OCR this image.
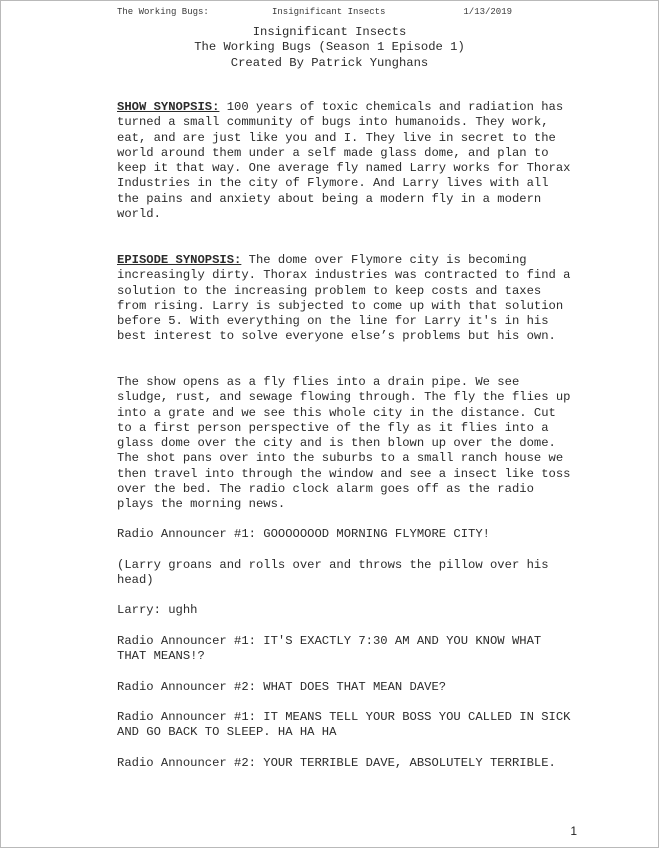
The Working Bugs:	Insignificant Insects	1/13/2019
Insignificant Insects
The Working Bugs (Season 1 Episode 1)
Created By Patrick Yunghans

SHOW SYNOPSIS: 100 years of toxic chemicals and radiation has turned a small community of bugs into humanoids. They work, eat, and are just like you and I. They live in secret to the world around them under a self made glass dome, and plan to keep it that way. One average fly named Larry works for Thorax Industries in the city of Flymore. And Larry lives with all the pains and anxiety about being a modern fly in a modern world.

EPISODE SYNOPSIS: The dome over Flymore city is becoming increasingly dirty. Thorax industries was contracted to find a solution to the increasing problem to keep costs and taxes from rising. Larry is subjected to come up with that solution before 5. With everything on the line for Larry it's in his best interest to solve everyone else’s problems but his own.

The show opens as a fly flies into a drain pipe. We see sludge, rust, and sewage flowing through. The fly the flies up into a grate and we see this whole city in the distance. Cut to a first person perspective of the fly as it flies into a glass dome over the city and is then blown up over the dome. The shot pans over into the suburbs to a small ranch house we then travel into through the window and see a insect like toss over the bed. The radio clock alarm goes off as the radio plays the morning news.
Radio Announcer #1: GOOOOOOOD MORNING FLYMORE CITY!
(Larry groans and rolls over and throws the pillow over his head)
Larry: ughh
Radio Announcer #1: IT'S EXACTLY 7:30 AM AND YOU KNOW WHAT THAT MEANS!?
Radio Announcer #2: WHAT DOES THAT MEAN DAVE?
Radio Announcer #1: IT MEANS TELL YOUR BOSS YOU CALLED IN SICK AND GO BACK TO SLEEP. HA HA HA
Radio Announcer #2: YOUR TERRIBLE DAVE, ABSOLUTELY TERRIBLE.
1
